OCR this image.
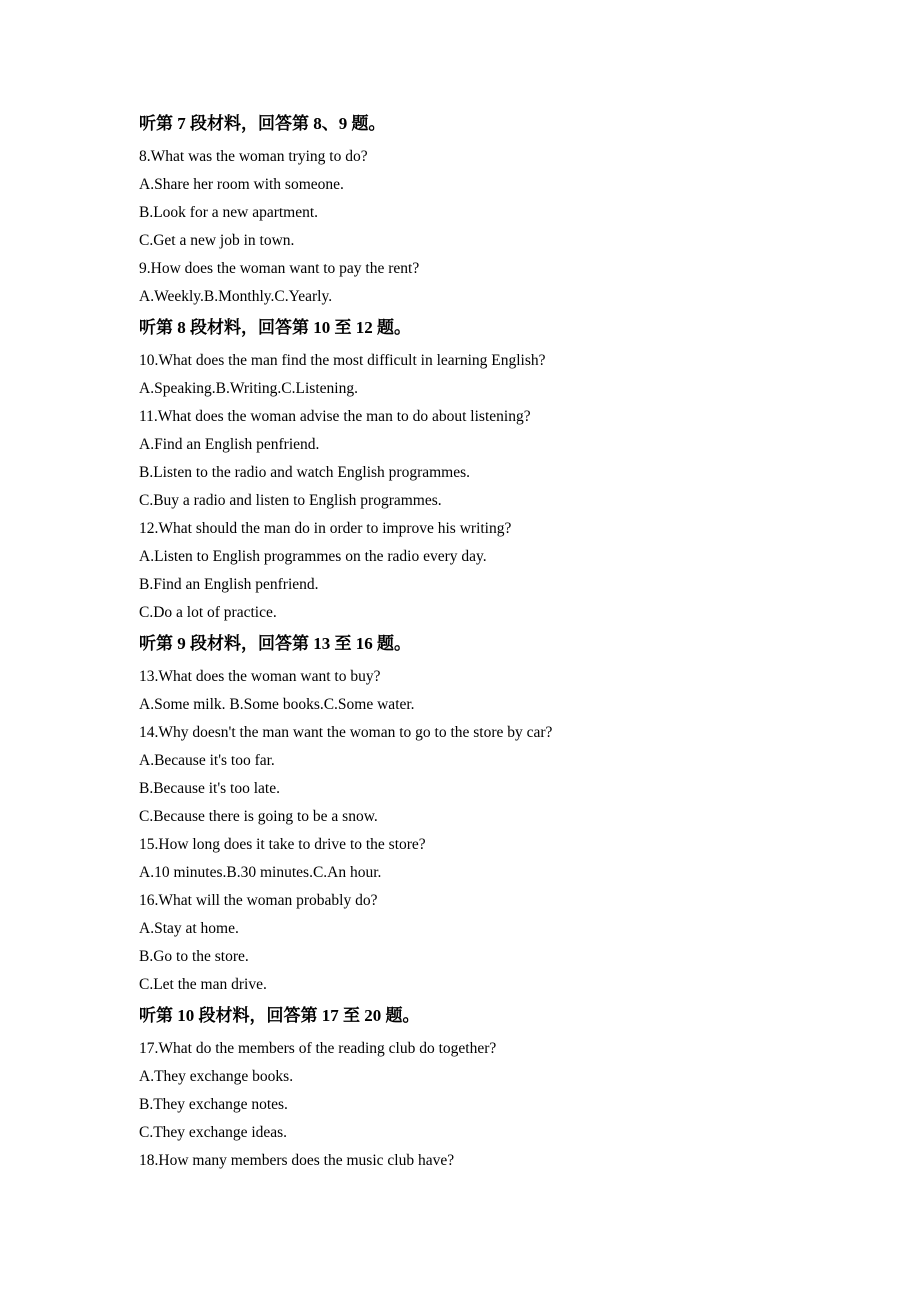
听第 7 段材料，回答第 8、9 题。
8.What was the woman trying to do?
A.Share her room with someone.
B.Look for a new apartment.
C.Get a new job in town.
9.How does the woman want to pay the rent?
A.Weekly.B.Monthly.C.Yearly.
听第 8 段材料，回答第 10 至 12 题。
10.What does the man find the most difficult in learning English?
A.Speaking.B.Writing.C.Listening.
11.What does the woman advise the man to do about listening?
A.Find an English penfriend.
B.Listen to the radio and watch English programmes.
C.Buy a radio and listen to English programmes.
12.What should the man do in order to improve his writing?
A.Listen to English programmes on the radio every day.
B.Find an English penfriend.
C.Do a lot of practice.
听第 9 段材料，回答第 13 至 16 题。
13.What does the woman want to buy?
A.Some milk. B.Some books.C.Some water.
14.Why doesn't the man want the woman to go to the store by car?
A.Because it's too far.
B.Because it's too late.
C.Because there is going to be a snow.
15.How long does it take to drive to the store?
A.10 minutes.B.30 minutes.C.An hour.
16.What will the woman probably do?
A.Stay at home.
B.Go to the store.
C.Let the man drive.
听第 10 段材料，回答第 17 至 20 题。
17.What do the members of the reading club do together?
A.They exchange books.
B.They exchange notes.
C.They exchange ideas.
18.How many members does the music club have?
